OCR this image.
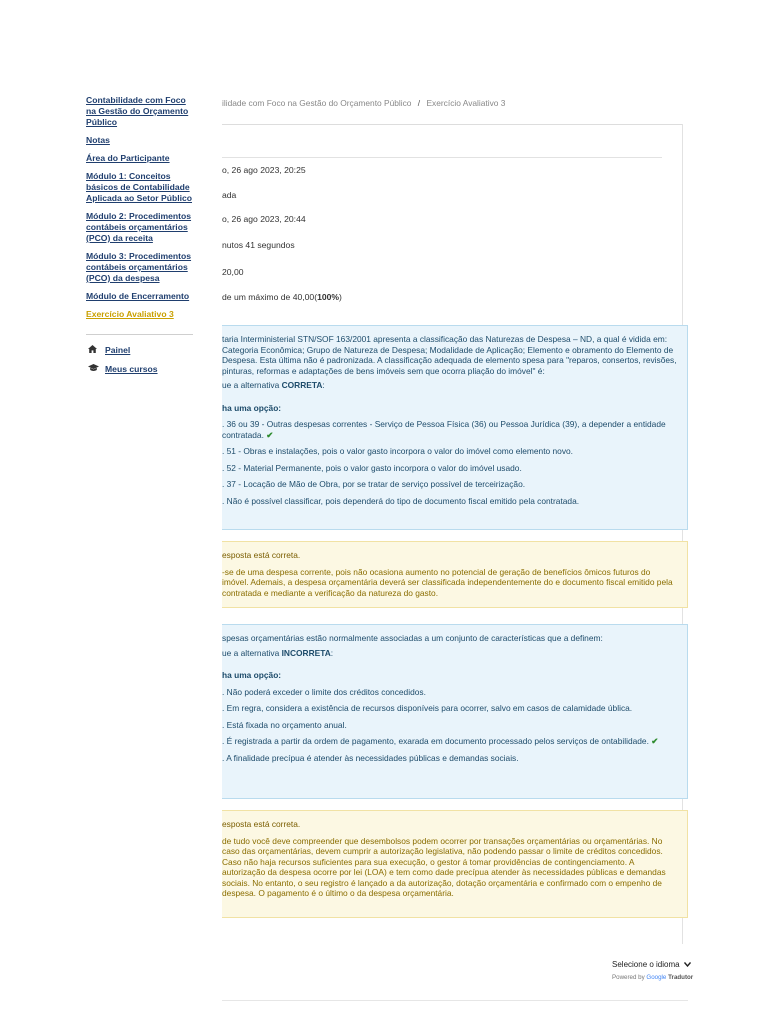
Contabilidade com Foco na Gestão do Orçamento Público
Notas
Área do Participante
Módulo 1: Conceitos básicos de Contabilidade Aplicada ao Setor Público
Módulo 2: Procedimentos contábeis orçamentários (PCO) da receita
Módulo 3: Procedimentos contábeis orçamentários (PCO) da despesa
Módulo de Encerramento
Exercício Avaliativo 3
Painel
Meus cursos
ilidade com Foco na Gestão do Orçamento Público / Exercício Avaliativo 3
o, 26 ago 2023, 20:25
ada
o, 26 ago 2023, 20:44
nutos 41 segundos
20,00
de um máximo de 40,00(100%)

taria Interministerial STN/SOF 163/2001 apresenta a classificação das Naturezas de Despesa – ND, a qual é vidida em: Categoria Econômica; Grupo de Natureza de Despesa; Modalidade de Aplicação; Elemento e obramento do Elemento de Despesa. Esta última não é padronizada. A classificação adequada de elemento spesa para "reparos, consertos, revisões, pinturas, reformas e adaptações de bens imóveis sem que ocorra pliação do imóvel" é:

ue a alternativa CORRETA:

ha uma opção:

. 36 ou 39 - Outras despesas correntes - Serviço de Pessoa Física (36) ou Pessoa Jurídica (39), a depender a entidade contratada. ✔

. 51 - Obras e instalações, pois o valor gasto incorpora o valor do imóvel como elemento novo.

. 52 - Material Permanente, pois o valor gasto incorpora o valor do imóvel usado.

. 37 - Locação de Mão de Obra, por se tratar de serviço possível de terceirização.

. Não é possível classificar, pois dependerá do tipo de documento fiscal emitido pela contratada.

esposta está correta.

-se de uma despesa corrente, pois não ocasiona aumento no potencial de geração de benefícios ômicos futuros do imóvel. Ademais, a despesa orçamentária deverá ser classificada independentemente do e documento fiscal emitido pela contratada e mediante a verificação da natureza do gasto.

spesas orçamentárias estão normalmente associadas a um conjunto de características que a definem:

ue a alternativa INCORRETA:

ha uma opção:

. Não poderá exceder o limite dos créditos concedidos.

. Em regra, considera a existência de recursos disponíveis para ocorrer, salvo em casos de calamidade ública.

. Está fixada no orçamento anual.

. É registrada a partir da ordem de pagamento, exarada em documento processado pelos serviços de ontabilidade. ✔

. A finalidade precípua é atender às necessidades públicas e demandas sociais.

esposta está correta.

de tudo você deve compreender que desembolsos podem ocorrer por transações orçamentárias ou orçamentárias. No caso das orçamentárias, devem cumprir a autorização legislativa, não podendo passar o limite de créditos concedidos. Caso não haja recursos suficientes para sua execução, o gestor á tomar providências de contingenciamento. A autorização da despesa ocorre por lei (LOA) e tem como dade precípua atender às necessidades públicas e demandas sociais. No entanto, o seu registro é lançado a da autorização, dotação orçamentária e confirmado com o empenho de despesa. O pagamento é o último o da despesa orçamentária.

Selecione o idioma
Powered by Google Tradutor
